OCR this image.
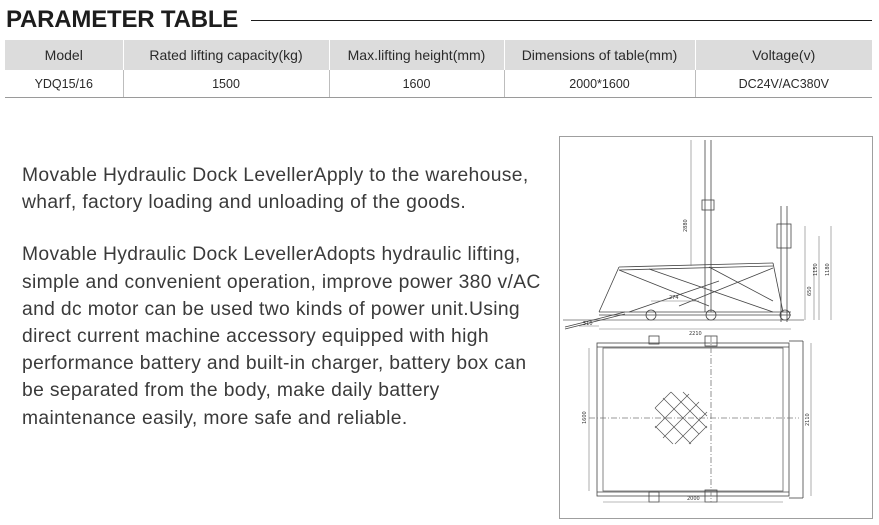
PARAMETER TABLE
Model	Rated lifting capacity(kg)	Max.lifting height(mm)	Dimensions of table(mm)	Voltage(v)
YDQ15/16	1500	1600	2000*1600	DC24V/AC380V

Movable Hydraulic Dock LevellerApply to the warehouse, wharf, factory loading and unloading of the goods.

Movable Hydraulic Dock LevellerAdopts hydraulic lifting, simple and convenient operation, improve power 380 v/AC and dc motor can be used two kinds of power unit.Using direct current machine accessory equipped with high performance battery and built-in charger, battery box can be separated from the body, make daily battery maintenance easily, more safe and reliable.

2880
1150 1180
650
274
510
2210
1600	2110
2000
